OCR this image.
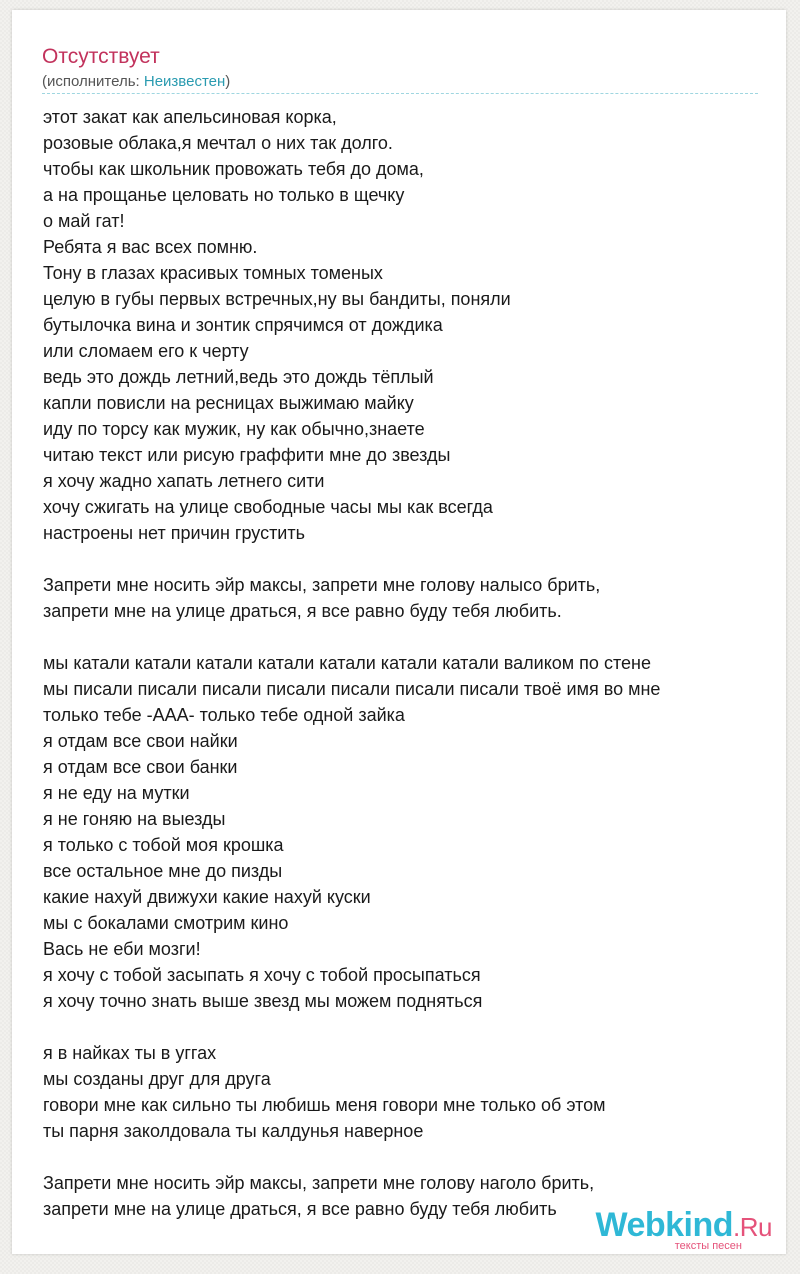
Отсутствует
(исполнитель: Неизвестен)
этот закат как апельсиновая корка,
розовые облака,я мечтал о них так долго.
чтобы как школьник провожать тебя до дома,
а на прощанье целовать но только в щечку
о май гат!
Ребята я вас всех помню.
Тону в глазах красивых томных томеных
целую в губы первых встречных,ну вы бандиты, поняли
бутылочка вина и зонтик спрячимся от дождика
или сломаем его к черту
ведь это дождь летний,ведь это дождь тёплый
капли повисли на ресницах выжимаю майку
иду по торсу как мужик, ну как обычно,знаете
читаю текст или рисую граффити мне до звезды
я хочу жадно хапать летнего сити
хочу сжигать на улице свободные часы мы как всегда
настроены нет причин грустить
Запрети мне носить эйр максы, запрети мне голову налысо брить,
запрети мне на улице драться, я все равно буду тебя любить.
мы катали катали катали катали катали катали катали валиком по стене
мы писали писали писали писали писали писали писали твоё имя во мне
только тебе -ААА- только тебе одной зайка
я отдам все свои найки
я отдам все свои банки
я не еду на мутки
я не гоняю на выезды
я только с тобой моя крошка
все остальное мне до пизды
какие нахуй движухи какие нахуй куски
мы с бокалами смотрим кино
Вась не еби мозги!
я хочу с тобой засыпать я хочу с тобой просыпаться
я хочу точно знать выше звезд мы можем подняться
я в найках ты в уггах
мы созданы друг для друга
говори мне как сильно ты любишь меня говори мне только об этом
ты парня заколдовала ты калдунья наверное
Запрети мне носить эйр максы, запрети мне голову наголо брить,
запрети мне на улице драться, я все равно буду тебя любить	Webkind.Ru
тексты песен
